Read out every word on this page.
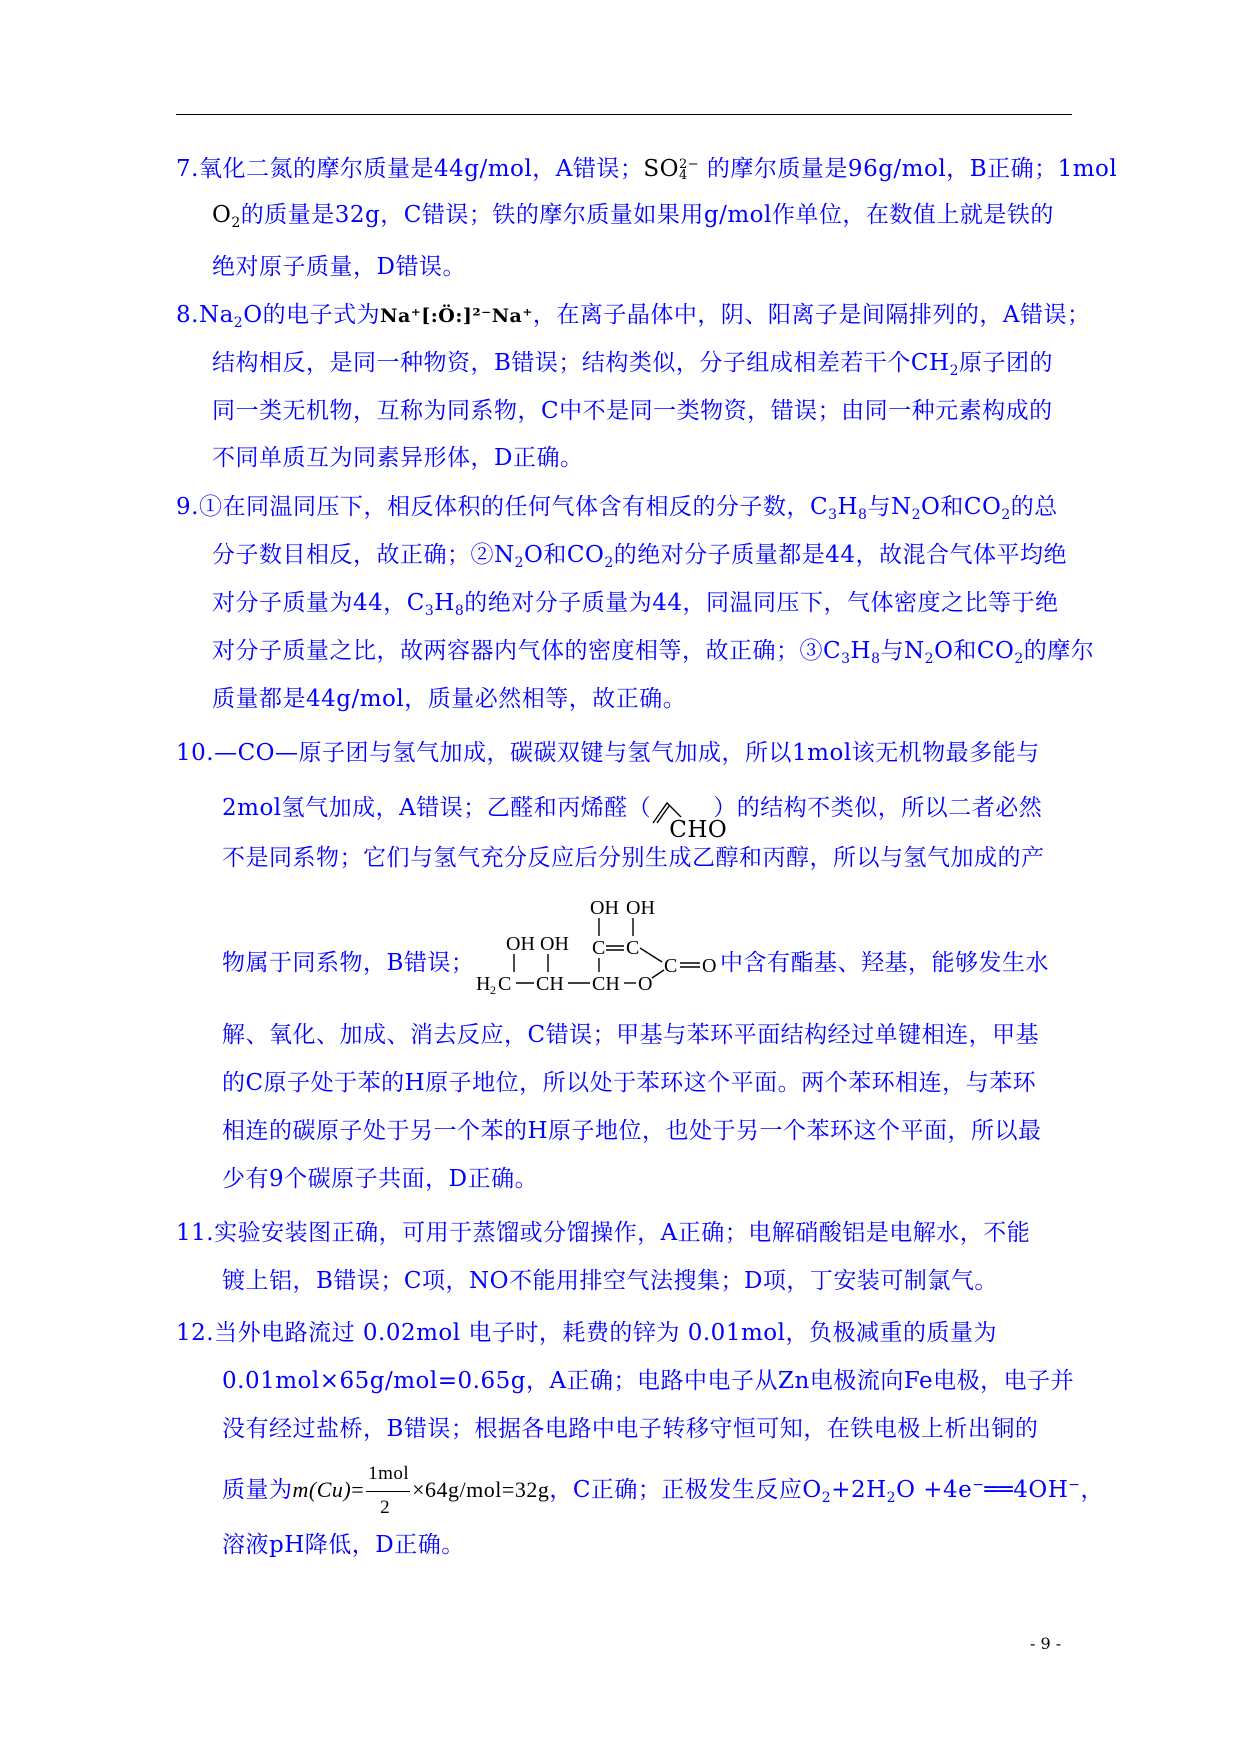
7.氧化二氮的摩尔质量是44g/mol，A错误；SO 2−
4 的摩尔质量是96g/mol，B正确；1mol
$O_2$的质量是32g，C错误；铁的摩尔质量如果用g/mol作单位，在数值上就是铁的
绝对原子质量，D错误。
$8.Na_2O$的电子式为Na⁺[:Ö:]²⁻Na⁺，在离子晶体中，阴、阳离子是间隔排列的，A错误；
结构相反，是同一种物资，B错误；结构类似，分子组成相差若干个$CH_2$原子团的
同一类无机物，互称为同系物，C中不是同一类物资，错误；由同一种元素构成的
不同单质互为同素异形体，D正确。
9.①在同温同压下，相反体积的任何气体含有相反的分子数，$C_3H_8$与$N_2O$和$CO_2$的总
分子数目相反，故正确；$②N_2O$和$CO_2$的绝对分子质量都是44，故混合气体平均绝
对分子质量为44，$C_3H_8$的绝对分子质量为44，同温同压下，气体密度之比等于绝
对分子质量之比，故两容器内气体的密度相等，故正确；$③C_3H_8$与$N_2O$和$CO_2$的摩尔
质量都是44g/mol，质量必然相等，故正确。
10.—CO—原子团与氢气加成，碳碳双键与氢气加成，所以1mol该无机物最多能与
2mol氢气加成，A错误；乙醛和丙烯醛（
CHO
）的结构不类似，所以二者必然
不是同系物；它们与氢气充分反应后分别生成乙醇和丙醇，所以与氢气加成的产
物属于同系物，B错误；	中含有酯基、羟基，能够发生水
OH OH
OH OH C C
H 2 C CH CH O
C O
解、氧化、加成、消去反应，C错误；甲基与苯环平面结构经过单键相连，甲基
的C原子处于苯的H原子地位，所以处于苯环这个平面。两个苯环相连，与苯环
相连的碳原子处于另一个苯的H原子地位，也处于另一个苯环这个平面，所以最
少有9个碳原子共面，D正确。
11.实验安装图正确，可用于蒸馏或分馏操作，A正确；电解硝酸铝是电解水，不能
镀上铝，B错误；C项，NO不能用排空气法搜集；D项，丁安装可制氯气。
12.当外电路流过 0.02mol 电子时，耗费的锌为 0.01mol，负极减重的质量为
0.01mol×65g/mol=0.65g，A正确；电路中电子从Zn电极流向Fe电极，电子并
没有经过盐桥，B错误；根据各电路中电子转移守恒可知，在铁电极上析出铜的
质量为$m(Cu)= \frac{\text{1mol}}{2} \times 64g/mol=32g$，C正确；正极发生反应$O_2+2H_2O$ +4e−══4OH−，
溶液pH降低，D正确。
- 9 -
